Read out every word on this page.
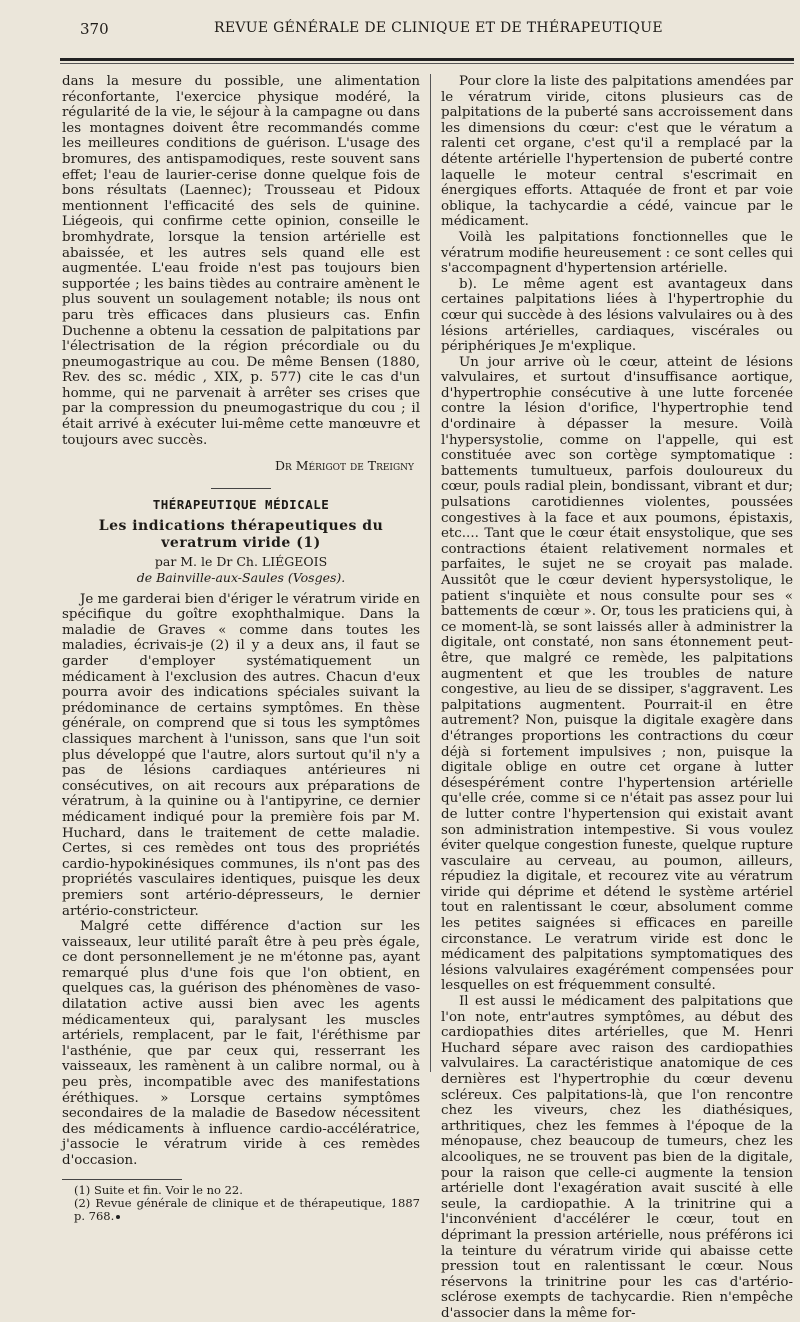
370	REVUE GÉNÉRALE DE CLINIQUE ET DE THÉRAPEUTIQUE

dans la mesure du possible, une alimentation réconfortante, l'exercice physique modéré, la régularité de la vie, le séjour à la campagne ou dans les montagnes doivent être recommandés comme les meilleures conditions de guérison. L'usage des bromures, des antispamodiques, reste souvent sans effet; l'eau de laurier-cerise donne quelque fois de bons résultats (Laennec); Trousseau et Pidoux mentionnent l'efficacité des sels de quinine. Liégeois, qui confirme cette opinion, conseille le bromhydrate, lorsque la tension artérielle est abaissée, et les autres sels quand elle est augmentée. L'eau froide n'est pas toujours bien supportée ; les bains tièdes au contraire amènent le plus souvent un soulagement notable; ils nous ont paru très efficaces dans plusieurs cas. Enfin Duchenne a obtenu la cessation de palpitations par l'électrisation de la région précordiale ou du pneumogastrique au cou. De même Bensen (1880, Rev. des sc. médic , XIX, p. 577) cite le cas d'un homme, qui ne parvenait à arrêter ses crises que par la compression du pneumogastrique du cou ; il était arrivé à exécuter lui-même cette manœuvre et toujours avec succès.

Dr Mérigot de Treigny
THÉRAPEUTIQUE MÉDICALE
Les indications thérapeutiques du veratrum viride (1)
par M. le Dr Ch. LIÉGEOIS
de Bainville-aux-Saules (Vosges).

Je me garderai bien d'ériger le vératrum viride en spécifique du goître exophthalmique. Dans la maladie de Graves « comme dans toutes les maladies, écrivais-je (2) il y a deux ans, il faut se garder d'employer systématiquement un médicament à l'exclusion des autres. Chacun d'eux pourra avoir des indications spéciales suivant la prédominance de certains symptômes. En thèse générale, on comprend que si tous les symptômes classiques marchent à l'unisson, sans que l'un soit plus développé que l'autre, alors surtout qu'il n'y a pas de lésions cardiaques antérieures ni consécutives, on ait recours aux préparations de vératrum, à la quinine ou à l'antipyrine, ce dernier médicament indiqué pour la première fois par M. Huchard, dans le traitement de cette maladie. Certes, si ces remèdes ont tous des propriétés cardio-hypokinésiques communes, ils n'ont pas des propriétés vasculaires identiques, puisque les deux premiers sont artério-dépresseurs, le dernier artério-constricteur.

Malgré cette différence d'action sur les vaisseaux, leur utilité paraît être à peu près égale, ce dont personnellement je ne m'étonne pas, ayant remarqué plus d'une fois que l'on obtient, en quelques cas, la guérison des phénomènes de vaso-dilatation active aussi bien avec les agents médicamenteux qui, paralysant les muscles artériels, remplacent, par le fait, l'éréthisme par l'asthénie, que par ceux qui, resserrant les vaisseaux, les ramènent à un calibre normal, ou à peu près, incompatible avec des manifestations éréthiques. » Lorsque certains symptômes secondaires de la maladie de Basedow nécessitent des médicaments à influence cardio-accélératrice, j'associe le vératrum viride à ces remèdes d'occasion.

(1) Suite et fin. Voir le no 22.

(2) Revue générale de clinique et de thérapeutique, 1887 p. 768.

Pour clore la liste des palpitations amendées par le vératrum viride, citons plusieurs cas de palpitations de la puberté sans accroissement dans les dimensions du cœur: c'est que le vératum a ralenti cet organe, c'est qu'il a remplacé par la détente artérielle l'hypertension de puberté contre laquelle le moteur central s'escrimait en énergiques efforts. Attaquée de front et par voie oblique, la tachycardie a cédé, vaincue par le médicament.

Voilà les palpitations fonctionnelles que le vératrum modifie heureusement : ce sont celles qui s'accompagnent d'hypertension artérielle.

b). Le même agent est avantageux dans certaines palpitations liées à l'hypertrophie du cœur qui succède à des lésions valvulaires ou à des lésions artérielles, cardiaques, viscérales ou périphériques Je m'explique.

Un jour arrive où le cœur, atteint de lésions valvulaires, et surtout d'insuffisance aortique, d'hypertrophie consécutive à une lutte forcenée contre la lésion d'orifice, l'hypertrophie tend d'ordinaire à dépasser la mesure. Voilà l'hypersystolie, comme on l'appelle, qui est constituée avec son cortège symptomatique : battements tumultueux, parfois douloureux du cœur, pouls radial plein, bondissant, vibrant et dur; pulsations carotidiennes violentes, poussées congestives à la face et aux poumons, épistaxis, etc.... Tant que le cœur était ensystolique, que ses contractions étaient relativement normales et parfaites, le sujet ne se croyait pas malade. Aussitôt que le cœur devient hypersystolique, le patient s'inquiète et nous consulte pour ses « battements de cœur ». Or, tous les praticiens qui, à ce moment-là, se sont laissés aller à administrer la digitale, ont constaté, non sans étonnement peut-être, que malgré ce remède, les palpitations augmentent et que les troubles de nature congestive, au lieu de se dissiper, s'aggravent. Les palpitations augmentent. Pourrait-il en être autrement? Non, puisque la digitale exagère dans d'étranges proportions les contractions du cœur déjà si fortement impulsives ; non, puisque la digitale oblige en outre cet organe à lutter désespérément contre l'hypertension artérielle qu'elle crée, comme si ce n'était pas assez pour lui de lutter contre l'hypertension qui existait avant son administration intempestive. Si vous voulez éviter quelque congestion funeste, quelque rupture vasculaire au cerveau, au poumon, ailleurs, répudiez la digitale, et recourez vite au vératrum viride qui déprime et détend le système artériel tout en ralentissant le cœur, absolument comme les petites saignées si efficaces en pareille circonstance. Le veratrum viride est donc le médicament des palpitations symptomatiques des lésions valvulaires exagérément compensées pour lesquelles on est fréquemment consulté.

Il est aussi le médicament des palpitations que l'on note, entr'autres symptômes, au début des cardiopathies dites artérielles, que M. Henri Huchard sépare avec raison des cardiopathies valvulaires. La caractéristique anatomique de ces dernières est l'hypertrophie du cœur devenu scléreux. Ces palpitations-là, que l'on rencontre chez les viveurs, chez les diathésiques, arthritiques, chez les femmes à l'époque de la ménopause, chez beaucoup de tumeurs, chez les alcooliques, ne se trouvent pas bien de la digitale, pour la raison que celle-ci augmente la tension artérielle dont l'exagération avait suscité à elle seule, la cardiopathie. A la trinitrine qui a l'inconvénient d'accélérer le cœur, tout en déprimant la pression artérielle, nous préférons ici la teinture du vératrum viride qui abaisse cette pression tout en ralentissant le cœur. Nous réservons la trinitrine pour les cas d'artério-sclérose exempts de tachycardie. Rien n'empêche d'associer dans la même for-
